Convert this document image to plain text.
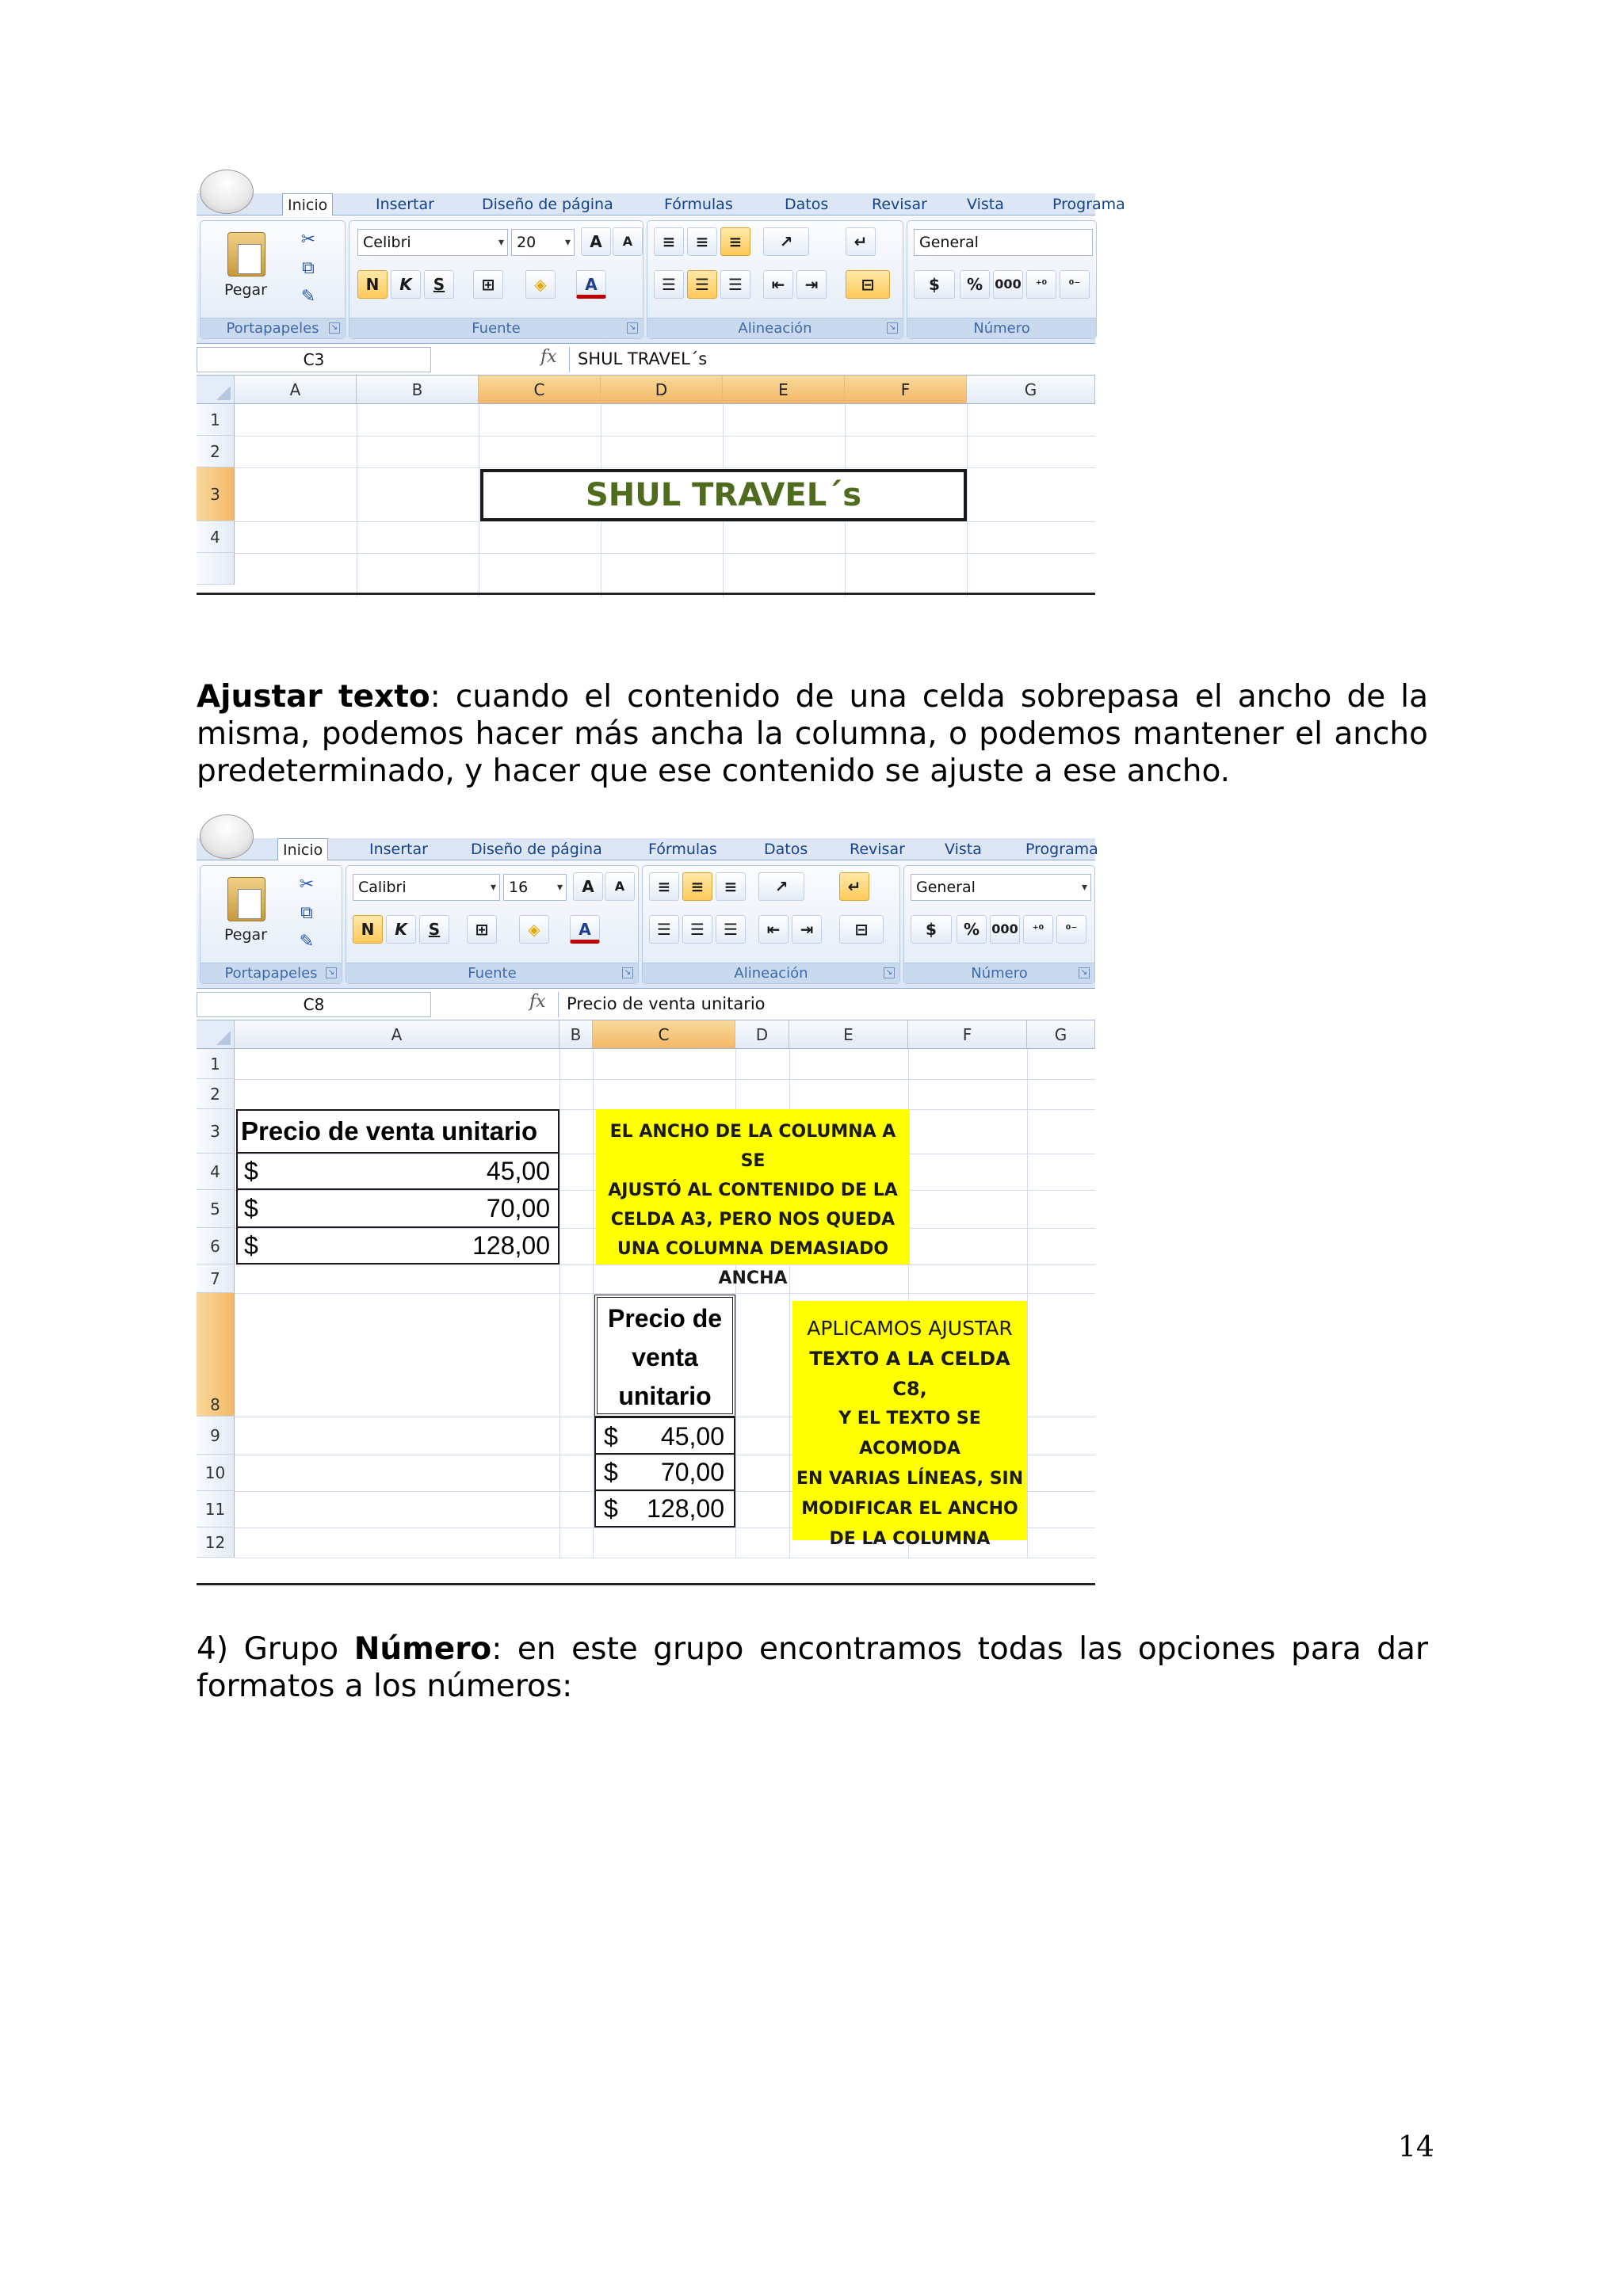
Inicio	Insertar	Diseño de página	Fórmulas	Datos	Revisar	Vista	Programa
Pegar
✂
⧉
✎
Portapapeles	↘
Celibri	▾ 20	▾	A	A
N	K	S	⊞	◈	A
Fuente	↘
≡	≡	≡	↗	↵
☰	☰	☰	⇤	⇥	⊟
Alineación	↘
General
$	% 000	⁺⁰	⁰⁻
Número
C3	fx	SHUL TRAVEL´s
A	B	C	D	E	F	G
1
2
3
4
SHUL TRAVEL´s
Ajustar texto: cuando el contenido de una celda sobrepasa el ancho de la misma, podemos hacer más ancha la columna, o podemos mantener el ancho predeterminado, y hacer que ese contenido se ajuste a ese ancho.
Inicio	Insertar	Diseño de página	Fórmulas	Datos	Revisar	Vista	Programa
Pegar
✂
⧉
✎
Portapapeles	↘
Calibri	▾ 16	▾	A	A
N	K	S	⊞	◈	A
Fuente	↘
≡	≡	≡	↗	↵
☰	☰	☰	⇤	⇥	⊟
Alineación	↘
General	▾
$	% 000	⁺⁰	⁰⁻
Número	↘
C8	fx	Precio de venta unitario
A	B	C	D	E	F	G
1
2
3
4
5
6
7
8
9
10
11
12
Precio de venta unitario
$	45,00
$	70,00
$	128,00
EL ANCHO DE LA COLUMNA A SE
AJUSTÓ AL CONTENIDO DE LA
CELDA A3, PERO NOS QUEDA
UNA COLUMNA DEMASIADO
ANCHA
Precio de
venta
unitario
$ 45,00
$ 70,00
$ 128,00
APLICAMOS AJUSTAR
TEXTO A LA CELDA C8,
Y EL TEXTO SE ACOMODA
EN VARIAS LÍNEAS, SIN
MODIFICAR EL ANCHO
DE LA COLUMNA
4) Grupo Número: en este grupo encontramos todas las opciones para dar formatos a los números:
14
